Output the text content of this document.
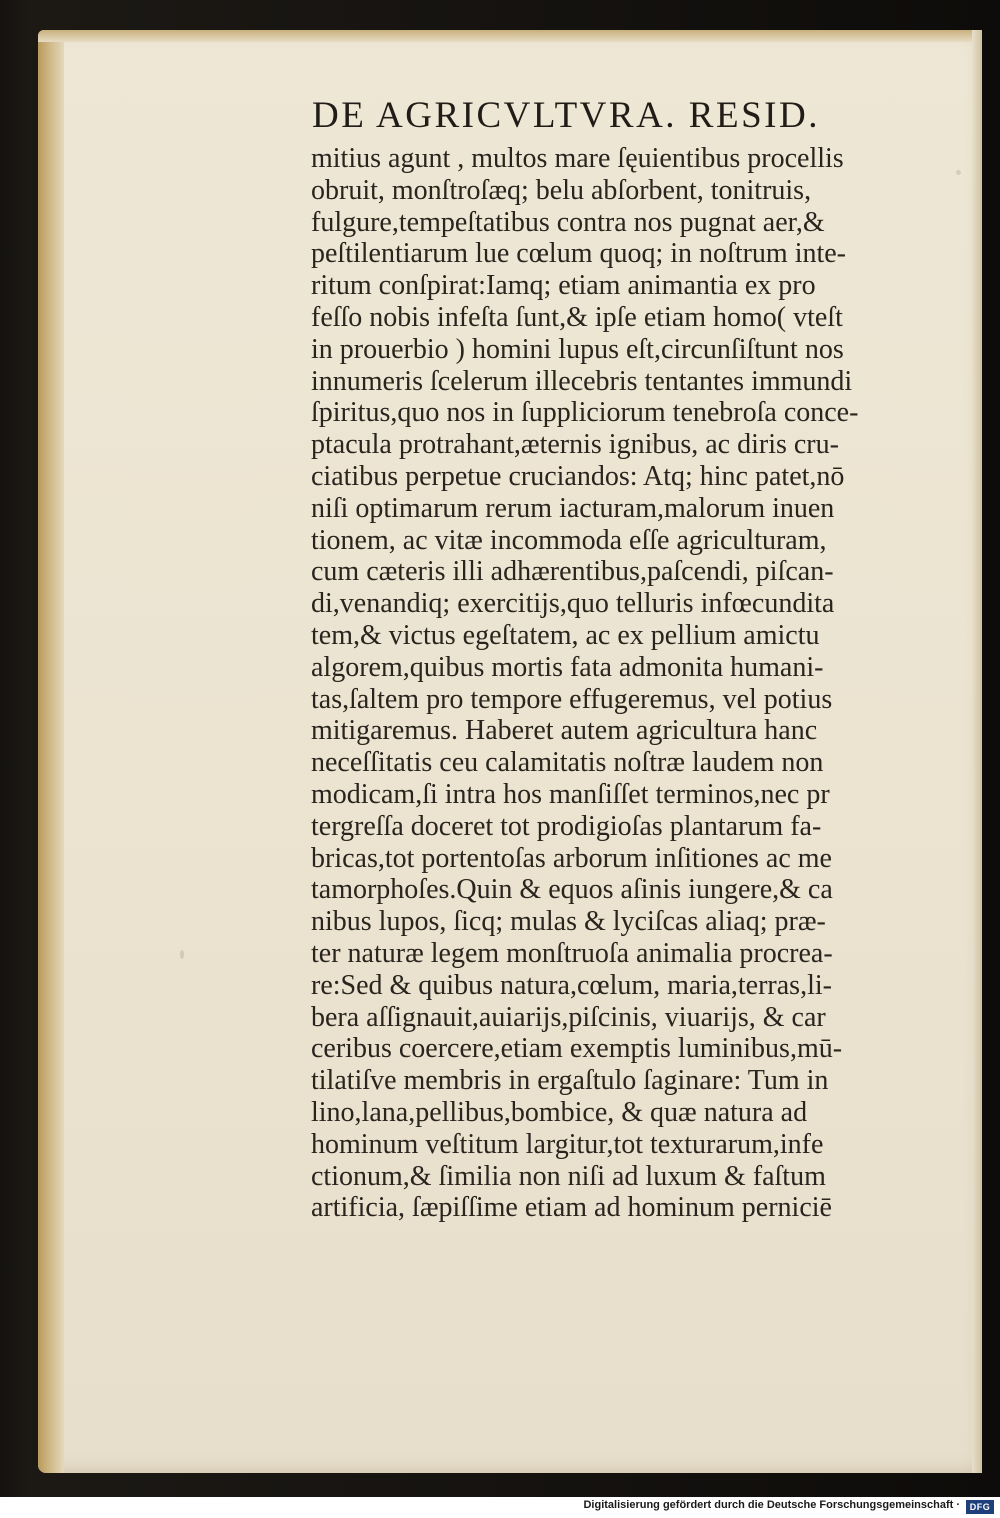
DE AGRICVLTVRA. RESID.
mitius agunt , multos mare ſęuientibus procellis
obruit, monſtroſæq; belu abſorbent, tonitruis,
fulgure,tempeſtatibus contra nos pugnat aer,&
peſtilentiarum lue cœlum quoq; in noſtrum inte-
ritum conſpirat:Iamq; etiam animantia ex pro
feſſo nobis infeſta ſunt,& ipſe etiam homo( vteſt
in prouerbio ) homini lupus eſt,circunſiſtunt nos
innumeris ſcelerum illecebris tentantes immundi
ſpiritus,quo nos in ſuppliciorum tenebroſa conce-
ptacula protrahant,æternis ignibus, ac diris cru-
ciatibus perpetue cruciandos: Atq; hinc patet,nō
niſi optimarum rerum iacturam,malorum inuen
tionem, ac vitæ incommoda eſſe agriculturam,
cum cæteris illi adhærentibus,paſcendi, piſcan-
di,venandiq; exercitijs,quo telluris infœcundita
tem,& victus egeſtatem, ac ex pellium amictu
algorem,quibus mortis fata admonita humani-
tas,ſaltem pro tempore effugeremus, vel potius
mitigaremus. Haberet autem agricultura hanc
neceſſitatis ceu calamitatis noſtræ laudem non
modicam,ſi intra hos manſiſſet terminos,nec pr
tergreſſa doceret tot prodigioſas plantarum fa-
bricas,tot portentoſas arborum inſitiones ac me
tamorphoſes.Quin & equos aſinis iungere,& ca
nibus lupos, ſicq; mulas & lyciſcas aliaq; præ-
ter naturæ legem monſtruoſa animalia procrea-
re:Sed & quibus natura,cœlum, maria,terras,li-
bera aſſignauit,auiarijs,piſcinis, viuarijs, & car
ceribus coercere,etiam exemptis luminibus,mū-
tilatiſve membris in ergaſtulo ſaginare: Tum in
lino,lana,pellibus,bombice, & quæ natura ad
hominum veſtitum largitur,tot texturarum,infe
ctionum,& ſimilia non niſi ad luxum & faſtum
artificia, ſæpiſſime etiam ad hominum perniciē
Digitalisierung gefördert durch die Deutsche Forschungsgemeinschaft ·	DFG
